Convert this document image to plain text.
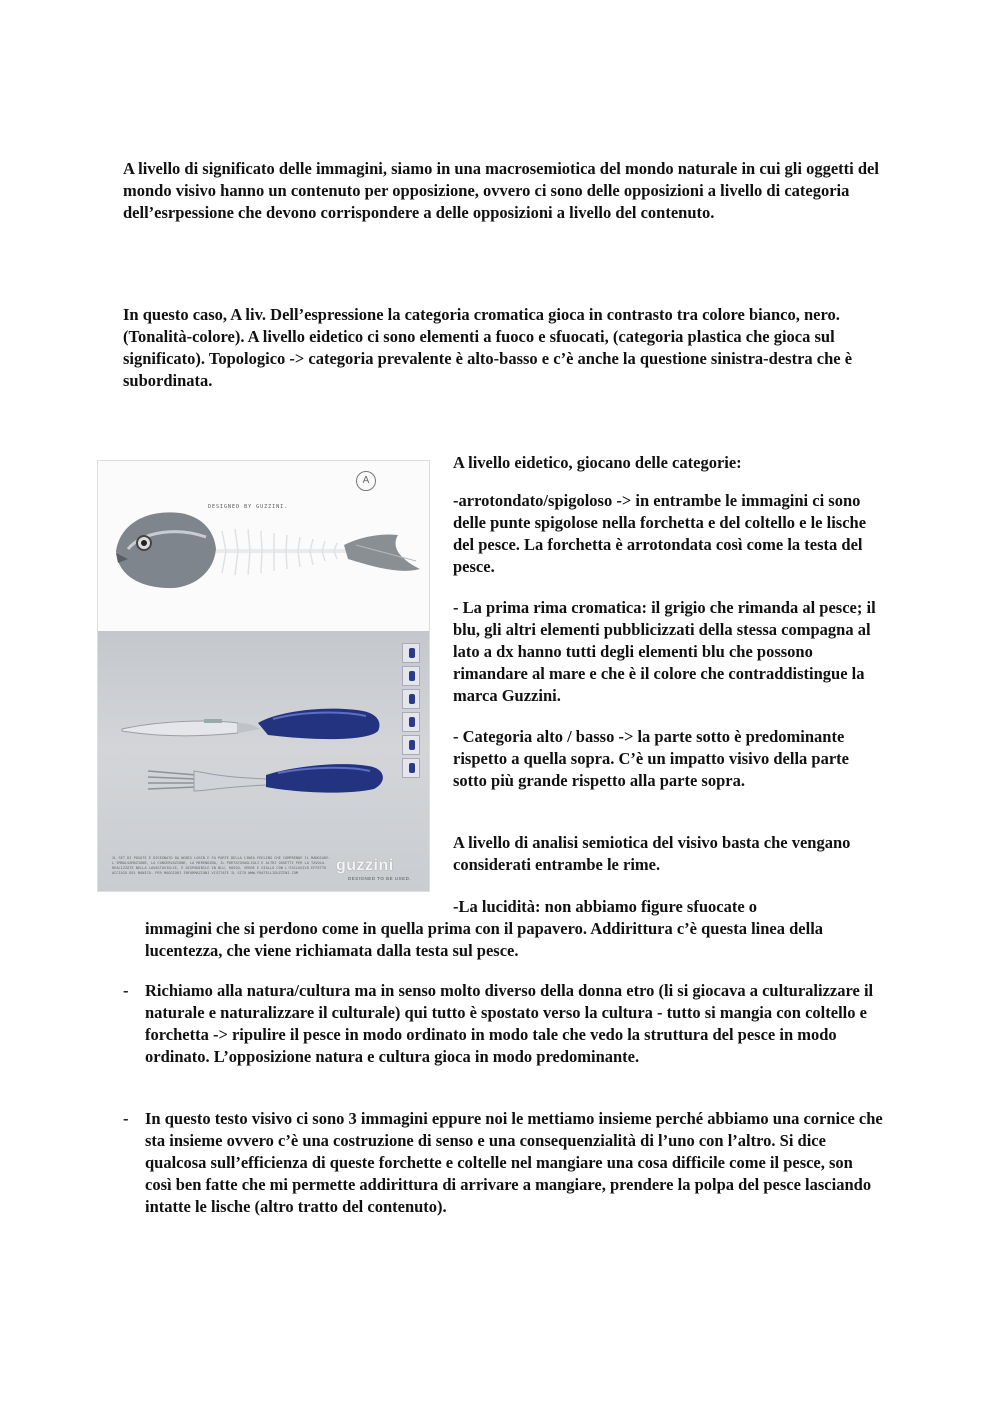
A livello di significato delle immagini, siamo in una macrosemiotica del mondo naturale in cui gli oggetti del mondo visivo hanno un contenuto per opposizione, ovvero ci sono delle opposizioni a livello di categoria dell’esrpessione che devono corrispondere a delle opposizioni a livello del contenuto.

In questo caso, A liv. Dell’espressione la categoria cromatica gioca in contrasto tra colore bianco, nero. (Tonalità-colore). A livello eidetico ci sono elementi a fuoco e sfuocati, (categoria plastica che gioca sul significato). Topologico -> categoria prevalente è alto-basso e c’è anche la questione sinistra-destra che è subordinata.

DESIGNED BY GUZZINI.
A
IL SET DI POSATE È DISEGNATO DA NOBIS LOSIN E FA PARTE DELLA LINEA FEELING CHE COMPRENDE IL MANGIARE. L'IMBALSAMAZIONE, LA CONSERVAZIONE, LA MERENDINA, IL PORTATOVAGLIOLI E ALTRI OGGETTI PER LA TAVOLA. REALIZZATE NELLA LAVASTOVIGLIE, È DISPONIBILE IN BLU, ROSSO, VERDE E GIALLO CON L'ESCLUSIVO EFFETTO ACCIAIO DEL MANICO. PER MAGGIORI INFORMAZIONI VISITATE IL SITO WWW.FRATELLIGUZZINI.COM	guzzini
DESIGNED TO BE USED.

A livello eidetico, giocano delle categorie:

-arrotondato/spigoloso -> in entrambe le immagini ci sono delle punte spigolose nella forchetta e del coltello e le lische del pesce. La forchetta è arrotondata così come la testa del pesce.

- La prima rima cromatica: il grigio che rimanda al pesce; il blu, gli altri elementi pubblicizzati della stessa compagna al lato a dx hanno tutti degli elementi blu che possono rimandare al mare e che è il colore che contraddistingue la marca Guzzini.

- Categoria alto / basso -> la parte sotto è predominante rispetto a quella sopra. C’è un impatto visivo della parte sotto più grande rispetto alla parte sopra.

A livello di analisi semiotica del visivo basta che vengano considerati entrambe le rime.

-La lucidità: non abbiamo figure sfuocate o

immagini che si perdono come in quella prima con il papavero. Addirittura c’è questa linea della lucentezza, che viene richiamata dalla testa sul pesce.

- Richiamo alla natura/cultura ma in senso molto diverso della donna etro (li si giocava a culturalizzare il naturale e naturalizzare il culturale) qui tutto è spostato verso la cultura - tutto si mangia con coltello e forchetta -> ripulire il pesce in modo ordinato in modo tale che vedo la struttura del pesce in modo ordinato. L’opposizione natura e cultura gioca in modo predominante.
- In questo testo visivo ci sono 3 immagini eppure noi le mettiamo insieme perché abbiamo una cornice che sta insieme ovvero c’è una costruzione di senso e una consequenzialità di l’uno con l’altro. Si dice qualcosa sull’efficienza di queste forchette e coltelle nel mangiare una cosa difficile come il pesce, son così ben fatte che mi permette addirittura di arrivare a mangiare, prendere la polpa del pesce lasciando intatte le lische (altro tratto del contenuto).
